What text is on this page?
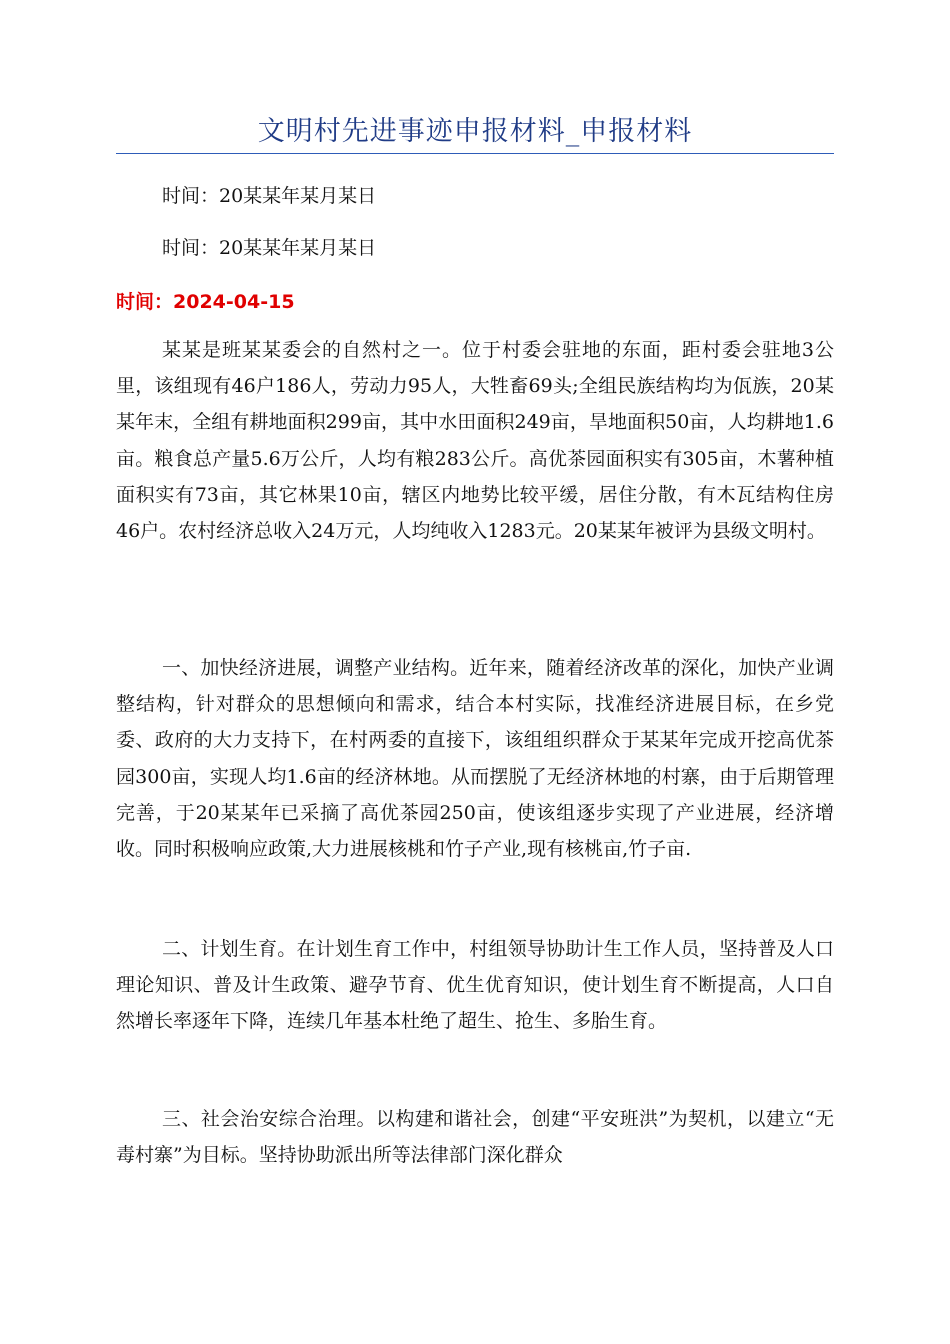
文明村先进事迹申报材料_申报材料
时间：20某某年某月某日
时间：20某某年某月某日
时间：2024-04-15

某某是班某某委会的自然村之一。位于村委会驻地的东面，距村委会驻地3公里，该组现有46户186人，劳动力95人，大牲畜69头;全组民族结构均为佤族，20某某年末，全组有耕地面积299亩，其中水田面积249亩，旱地面积50亩，人均耕地1.6亩。粮食总产量5.6万公斤，人均有粮283公斤。高优茶园面积实有305亩，木薯种植面积实有73亩，其它林果10亩，辖区内地势比较平缓，居住分散，有木瓦结构住房46户。农村经济总收入24万元，人均纯收入1283元。20某某年被评为县级文明村。

一、加快经济进展，调整产业结构。近年来，随着经济改革的深化，加快产业调整结构，针对群众的思想倾向和需求，结合本村实际，找准经济进展目标，在乡党委、政府的大力支持下，在村两委的直接下，该组组织群众于某某年完成开挖高优茶园300亩，实现人均1.6亩的经济林地。从而摆脱了无经济林地的村寨，由于后期管理完善，于20某某年已采摘了高优茶园250亩，使该组逐步实现了产业进展，经济增收。同时积极响应政策,大力进展核桃和竹子产业,现有核桃亩,竹子亩.

二、计划生育。在计划生育工作中，村组领导协助计生工作人员，坚持普及人口理论知识、普及计生政策、避孕节育、优生优育知识，使计划生育不断提高，人口自然增长率逐年下降，连续几年基本杜绝了超生、抢生、多胎生育。

三、社会治安综合治理。以构建和谐社会，创建“平安班洪”为契机，以建立“无毒村寨”为目标。坚持协助派出所等法律部门深化群众
